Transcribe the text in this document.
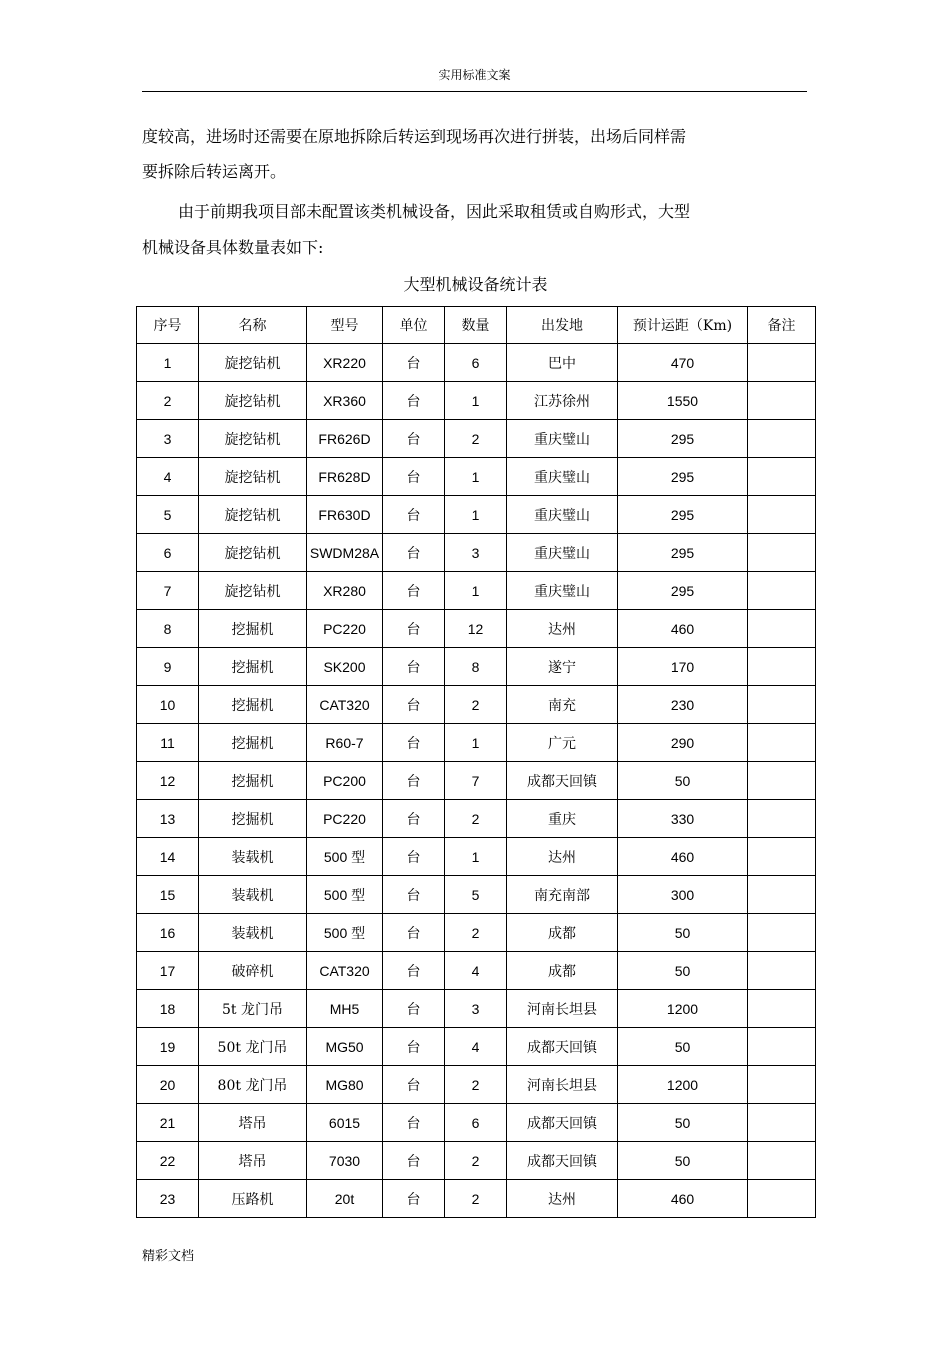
实用标准文案
度较高，进场时还需要在原地拆除后转运到现场再次进行拼装，出场后同样需
要拆除后转运离开。
由于前期我项目部未配置该类机械设备，因此采取租赁或自购形式，大型
机械设备具体数量表如下:
大型机械设备统计表
序号	名称	型号	单位	数量	出发地	预计运距（Km)	备注
1	旋挖钻机	XR220	台	6	巴中	470	
2	旋挖钻机	XR360	台	1	江苏徐州	1550	
3	旋挖钻机	FR626D	台	2	重庆璧山	295	
4	旋挖钻机	FR628D	台	1	重庆璧山	295	
5	旋挖钻机	FR630D	台	1	重庆璧山	295	
6	旋挖钻机	SWDM28A	台	3	重庆璧山	295	
7	旋挖钻机	XR280	台	1	重庆璧山	295	
8	挖掘机	PC220	台	12	达州	460	
9	挖掘机	SK200	台	8	遂宁	170	
10	挖掘机	CAT320	台	2	南充	230	
11	挖掘机	R60-7	台	1	广元	290	
12	挖掘机	PC200	台	7	成都天回镇	50	
13	挖掘机	PC220	台	2	重庆	330	
14	装载机	500 型	台	1	达州	460	
15	装载机	500 型	台	5	南充南部	300	
16	装载机	500 型	台	2	成都	50	
17	破碎机	CAT320	台	4	成都	50	
18	5t 龙门吊	MH5	台	3	河南长坦县	1200	
19	50t 龙门吊	MG50	台	4	成都天回镇	50	
20	80t 龙门吊	MG80	台	2	河南长坦县	1200	
21	塔吊	6015	台	6	成都天回镇	50	
22	塔吊	7030	台	2	成都天回镇	50	
23	压路机	20t	台	2	达州	460	
精彩文档
